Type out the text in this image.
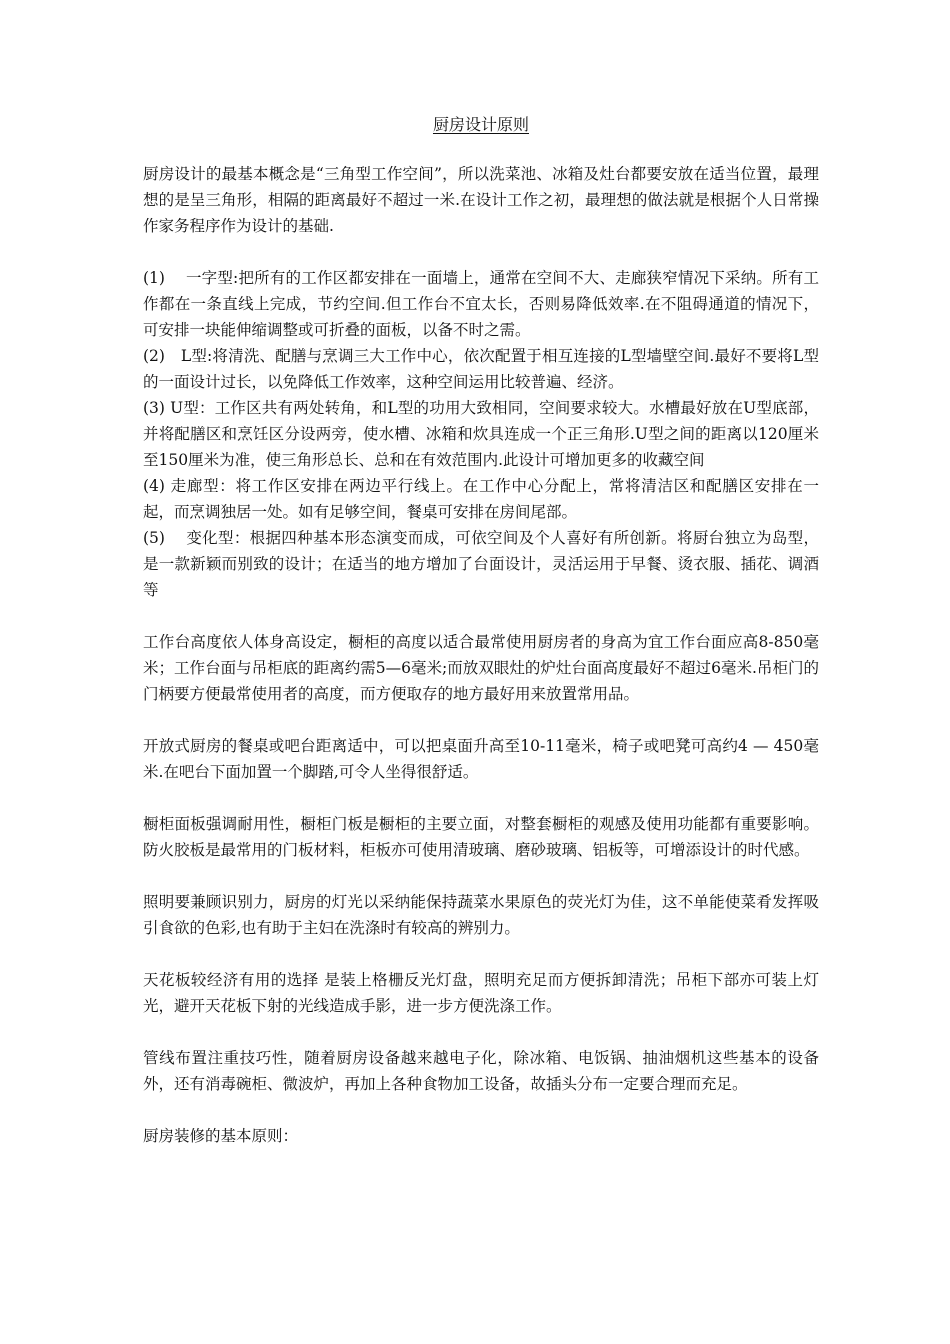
厨房设计原则

厨房设计的最基本概念是“三角型工作空间”，所以洗菜池、冰箱及灶台都要安放在适当位置，最理想的是呈三角形，相隔的距离最好不超过一米.在设计工作之初，最理想的做法就是根据个人日常操作家务程序作为设计的基础.

(1)　 一字型:把所有的工作区都安排在一面墙上，通常在空间不大、走廊狭窄情况下采纳。所有工作都在一条直线上完成，节约空间.但工作台不宜太长，否则易降低效率.在不阻碍通道的情况下，可安排一块能伸缩调整或可折叠的面板，以备不时之需。

(2)　L型:将清洗、配膳与烹调三大工作中心，依次配置于相互连接的L型墙壁空间.最好不要将L型的一面设计过长，以免降低工作效率，这种空间运用比较普遍、经济。

(3) U型：工作区共有两处转角，和L型的功用大致相同，空间要求较大。水槽最好放在U型底部，并将配膳区和烹饪区分设两旁，使水槽、冰箱和炊具连成一个正三角形.U型之间的距离以120厘米至150厘米为准，使三角形总长、总和在有效范围内.此设计可增加更多的收藏空间

(4) 走廊型：将工作区安排在两边平行线上。在工作中心分配上，常将清洁区和配膳区安排在一起，而烹调独居一处。如有足够空间，餐桌可安排在房间尾部。

(5)　 变化型：根据四种基本形态演变而成，可依空间及个人喜好有所创新。将厨台独立为岛型，是一款新颖而别致的设计；在适当的地方增加了台面设计，灵活运用于早餐、烫衣服、插花、调酒等

工作台高度依人体身高设定，橱柜的高度以适合最常使用厨房者的身高为宜工作台面应高8-850毫米；工作台面与吊柜底的距离约需5—6毫米;而放双眼灶的炉灶台面高度最好不超过6毫米.吊柜门的门柄要方便最常使用者的高度，而方便取存的地方最好用来放置常用品。

开放式厨房的餐桌或吧台距离适中，可以把桌面升高至10-11毫米，椅子或吧凳可高约4 — 450毫米.在吧台下面加置一个脚踏,可令人坐得很舒适。

橱柜面板强调耐用性，橱柜门板是橱柜的主要立面，对整套橱柜的观感及使用功能都有重要影响。防火胶板是最常用的门板材料，柜板亦可使用清玻璃、磨砂玻璃、铝板等，可增添设计的时代感。

照明要兼顾识别力，厨房的灯光以采纳能保持蔬菜水果原色的荧光灯为佳，这不单能使菜肴发挥吸引食欲的色彩,也有助于主妇在洗涤时有较高的辨别力。

天花板较经济有用的选择 是装上格栅反光灯盘，照明充足而方便拆卸清洗；吊柜下部亦可装上灯光，避开天花板下射的光线造成手影，进一步方便洗涤工作。

管线布置注重技巧性，随着厨房设备越来越电子化，除冰箱、电饭锅、抽油烟机这些基本的设备外，还有消毒碗柜、微波炉，再加上各种食物加工设备，故插头分布一定要合理而充足。

厨房装修的基本原则：
